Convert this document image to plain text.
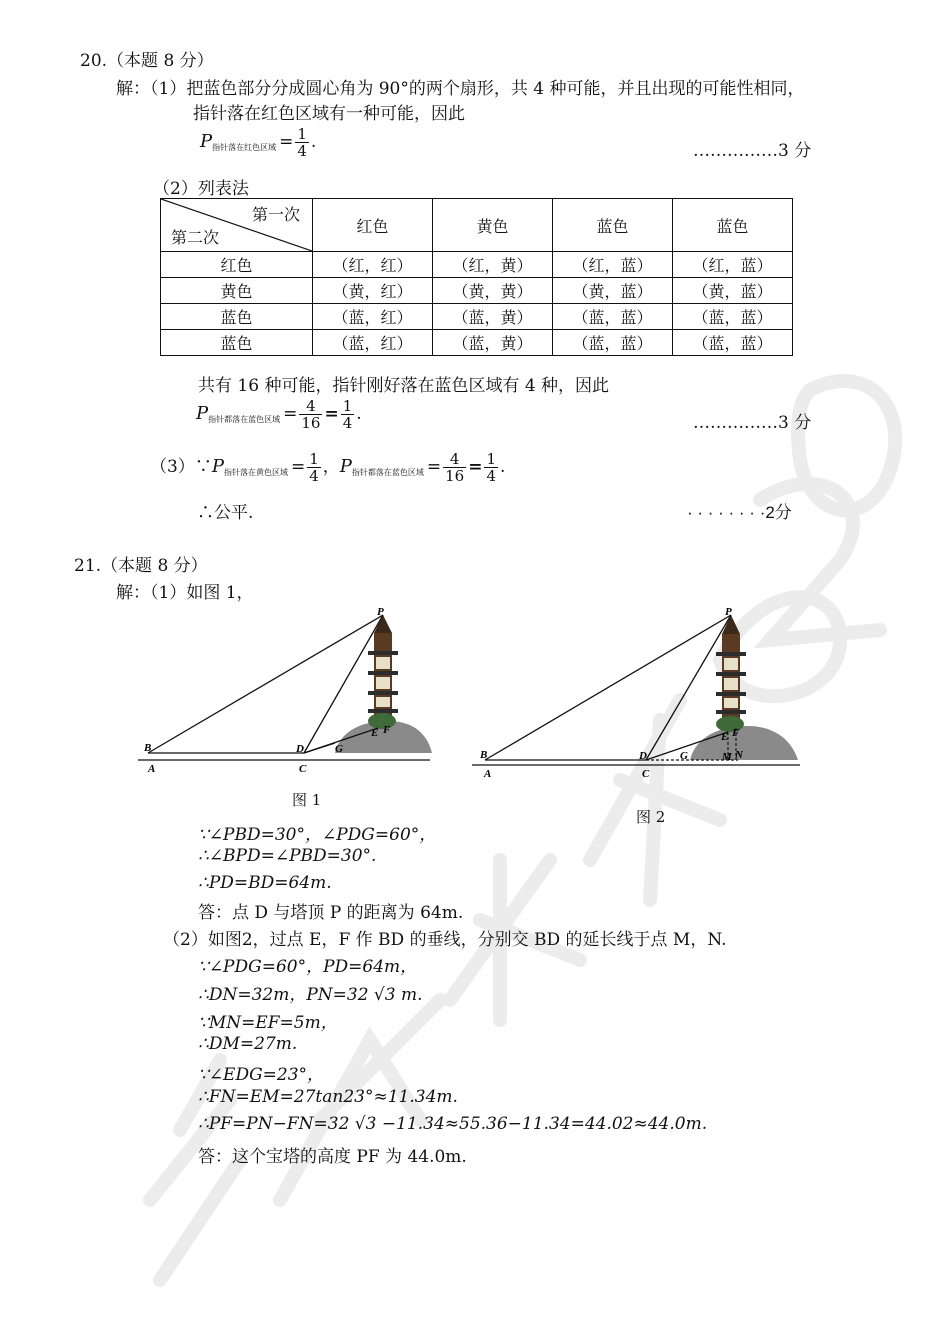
20.（本题 8 分）
解：（1）把蓝色部分分成圆心角为 90°的两个扇形，共 4 种可能，并且出现的可能性相同，
指针落在红色区域有一种可能，因此
$P_{指针落在红色区域} = \frac{1}{4}$ .	……………3 分
（2）列表法
第一次
第二次	红色	黄色	蓝色	蓝色
红色	（红，红）	（红，黄）	（红，蓝）	（红，蓝）
黄色	（黄，红）	（黄，黄）	（黄，蓝）	（黄，蓝）
蓝色	（蓝，红）	（蓝，黄）	（蓝，蓝）	（蓝，蓝）
蓝色	（蓝，红）	（蓝，黄）	（蓝，蓝）	（蓝，蓝）
共有 16 种可能，指针刚好落在蓝色区域有 4 种，因此
$P_{指针都落在蓝色区域} = \frac{4}{16} = \frac{1}{4}$ .	……………3 分
$(3)\because P_{指针落在黄色区域} = \frac{1}{4}$ ，$P_{指针都落在蓝色区域} = \frac{4}{16} = \frac{1}{4}$ .
∴公平.	· · · · · · · ·2分
21.（本题 8 分）
解：（1）如图 1，
P
B
A
D
C
G
E F
图 1
P
B
A
D
C
G
E F
M N
图 2
∵∠PBD=30°，∠PDG=60°，
∴∠BPD=∠PBD=30°.
∴PD=BD=64m.
答：点 D 与塔顶 P 的距离为 64m.
（2）如图2，过点 E，F 作 BD 的垂线，分别交 BD 的延长线于点 M，N.
∵∠PDG=60°，PD=64m，
∴DN=32m，PN=32 √3 m.
∵MN=EF=5m，
∴DM=27m.
∵∠EDG=23°，
∴FN=EM=27tan23°≈11.34m.
∴PF=PN−FN=32 √3 −11.34≈55.36−11.34=44.02≈44.0m.
答：这个宝塔的高度 PF 为 44.0m.
